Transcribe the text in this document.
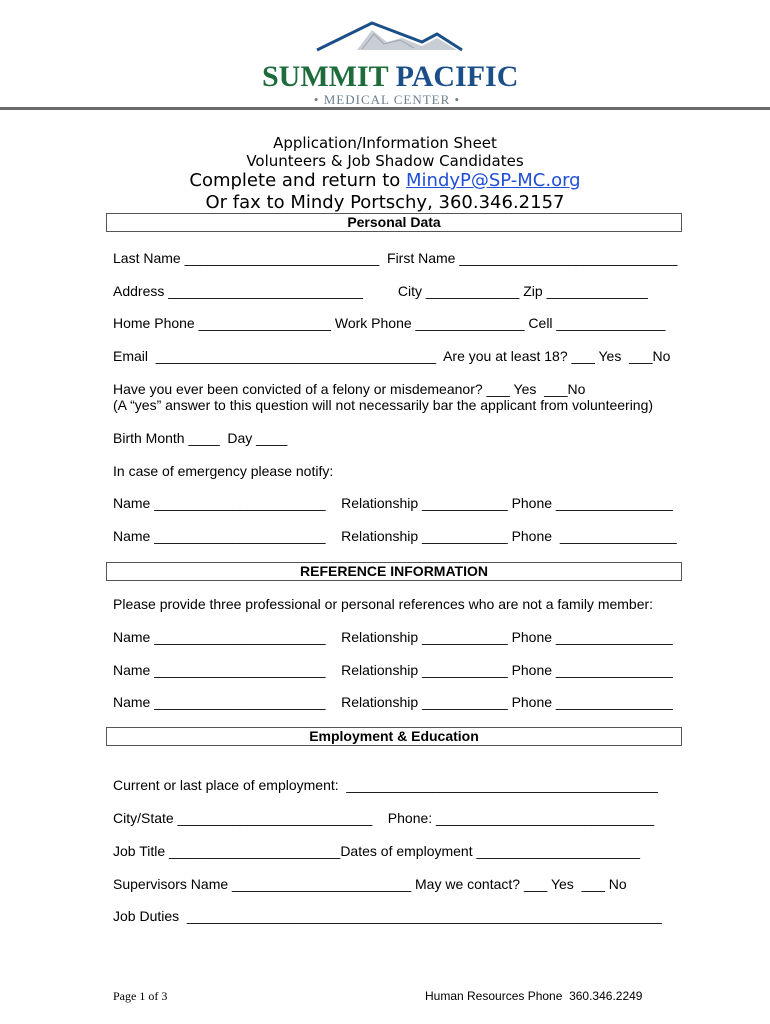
SUMMIT PACIFIC
• MEDICAL CENTER •
Application/Information Sheet
Volunteers & Job Shadow Candidates
Complete and return to MindyP@SP-MC.org
Or fax to Mindy Portschy, 360.346.2157
Personal Data
Last Name _________________________  First Name ____________________________
Address _________________________         City ____________ Zip _____________
Home Phone _________________ Work Phone ______________ Cell ______________
Email  ____________________________________  Are you at least 18? ___ Yes  ___No
Have you ever been convicted of a felony or misdemeanor? ___ Yes  ___No
(A “yes” answer to this question will not necessarily bar the applicant from volunteering)
Birth Month ____  Day ____
In case of emergency please notify:
Name ______________________    Relationship ___________ Phone _______________
Name ______________________    Relationship ___________ Phone  _______________
REFERENCE INFORMATION
Please provide three professional or personal references who are not a family member:
Name ______________________    Relationship ___________ Phone _______________
Name ______________________    Relationship ___________ Phone _______________
Name ______________________    Relationship ___________ Phone _______________
Employment & Education
Current or last place of employment:  ________________________________________
City/State _________________________    Phone: ____________________________
Job Title ______________________Dates of employment _____________________
Supervisors Name _______________________ May we contact? ___ Yes  ___ No
Job Duties  _____________________________________________________________
Page 1 of 3	Human Resources Phone  360.346.2249
